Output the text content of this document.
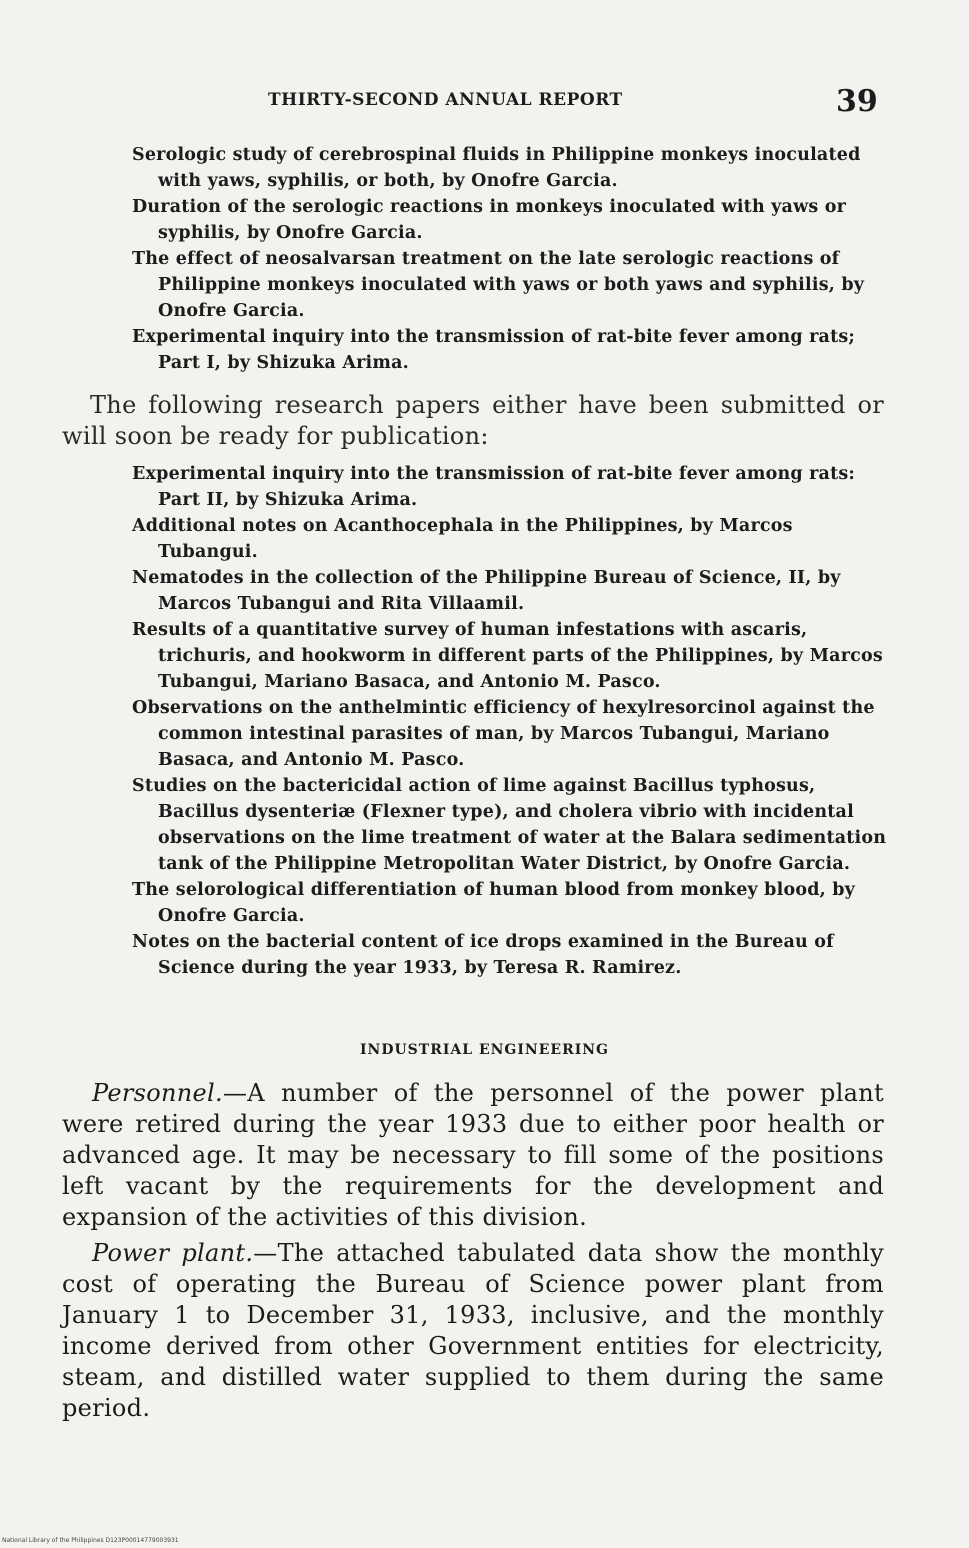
THIRTY-SECOND ANNUAL REPORT	39
Serologic study of cerebrospinal fluids in Philippine monkeys inoculated with yaws, syphilis, or both, by Onofre Garcia.
Duration of the serologic reactions in monkeys inoculated with yaws or syphilis, by Onofre Garcia.
The effect of neosalvarsan treatment on the late serologic reactions of Philippine monkeys inoculated with yaws or both yaws and syphilis, by Onofre Garcia.
Experimental inquiry into the transmission of rat-bite fever among rats; Part I, by Shizuka Arima.

The following research papers either have been submitted or will soon be ready for publication:

Experimental inquiry into the transmission of rat-bite fever among rats: Part II, by Shizuka Arima.
Additional notes on Acanthocephala in the Philippines, by Marcos Tubangui.
Nematodes in the collection of the Philippine Bureau of Science, II, by Marcos Tubangui and Rita Villaamil.
Results of a quantitative survey of human infestations with ascaris, trichuris, and hookworm in different parts of the Philippines, by Marcos Tubangui, Mariano Basaca, and Antonio M. Pasco.
Observations on the anthelmintic efficiency of hexylresorcinol against the common intestinal parasites of man, by Marcos Tubangui, Mariano Basaca, and Antonio M. Pasco.
Studies on the bactericidal action of lime against Bacillus typhosus, Bacillus dysenteriæ (Flexner type), and cholera vibrio with incidental observations on the lime treatment of water at the Balara sedimentation tank of the Philippine Metropolitan Water District, by Onofre Garcia.
The selorological differentiation of human blood from monkey blood, by Onofre Garcia.
Notes on the bacterial content of ice drops examined in the Bureau of Science during the year 1933, by Teresa R. Ramirez.
INDUSTRIAL ENGINEERING

Personnel.—A number of the personnel of the power plant were retired during the year 1933 due to either poor health or advanced age. It may be necessary to fill some of the positions left vacant by the requirements for the development and expansion of the activities of this division.

Power plant.—The attached tabulated data show the monthly cost of operating the Bureau of Science power plant from January 1 to December 31, 1933, inclusive, and the monthly income derived from other Government entities for electricity, steam, and distilled water supplied to them during the same period.

National Library of the Philippines D123P00014779003931
